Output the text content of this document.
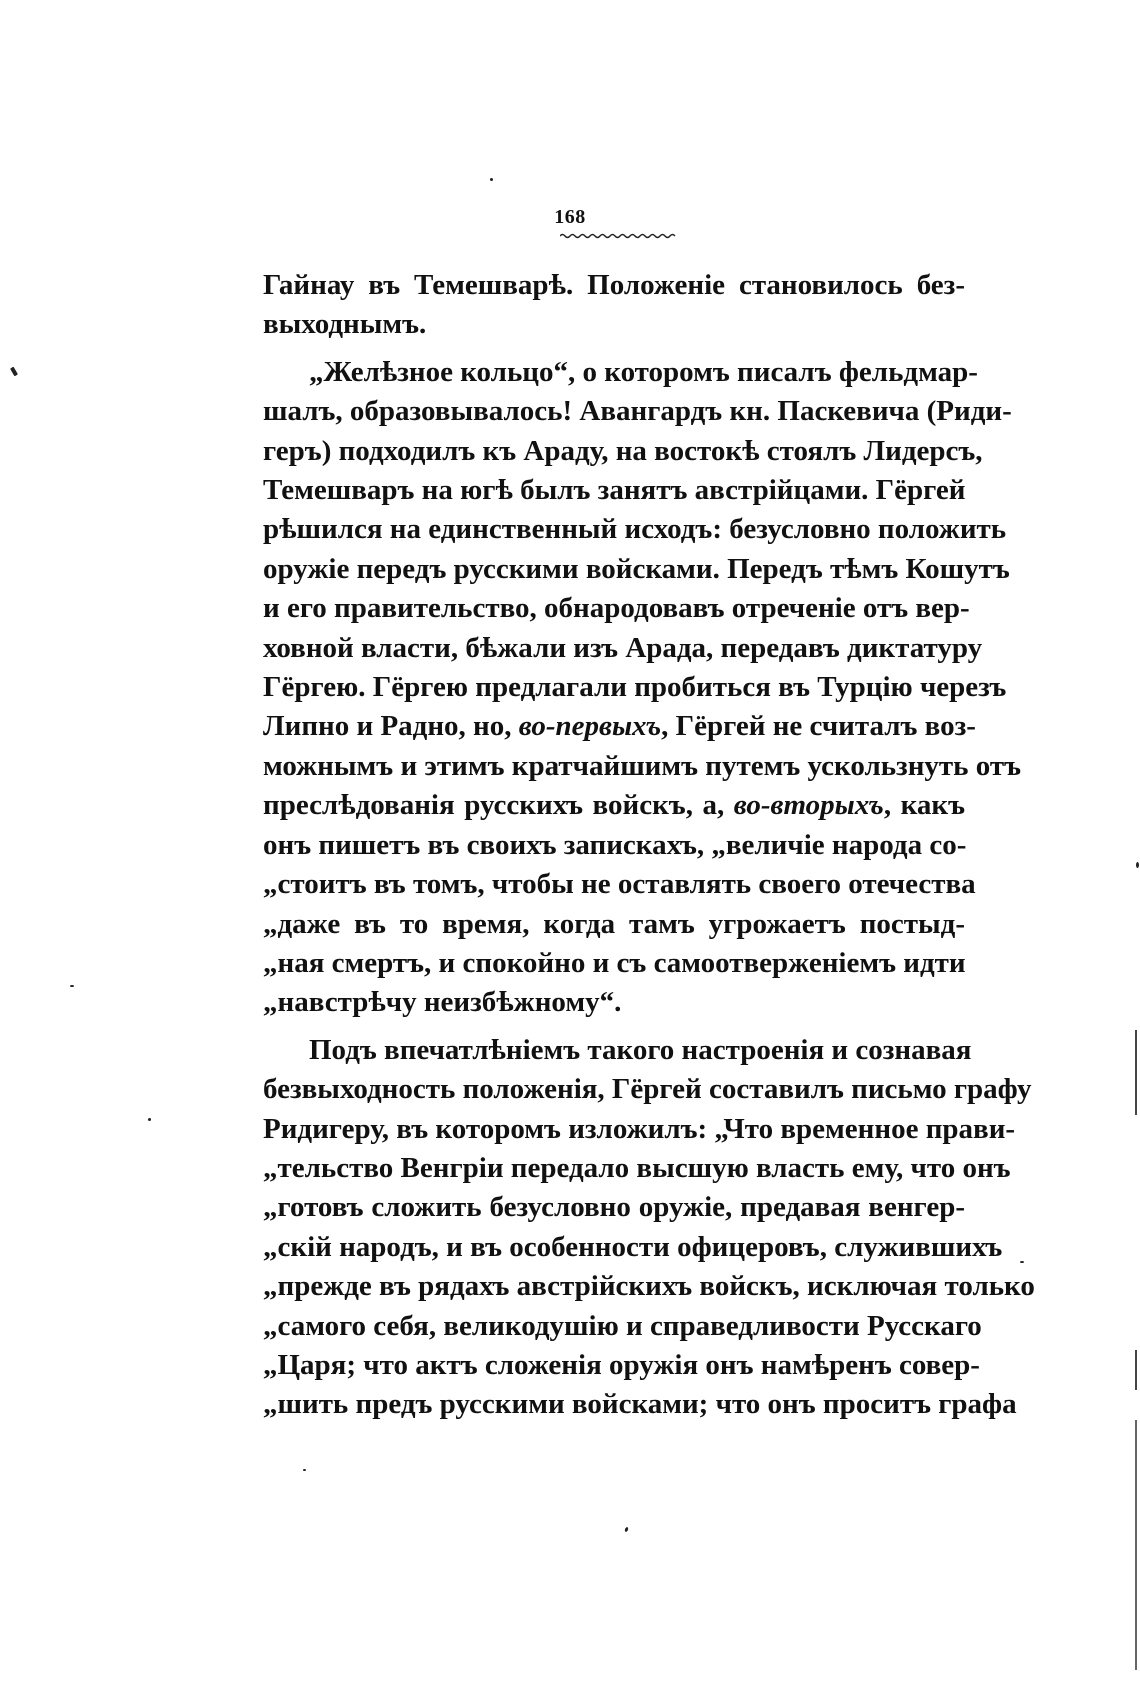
168
Гайнау въ Темешварѣ. Положеніе становилось без-
выходнымъ.
„Желѣзное кольцо“, о которомъ писалъ фельдмар-
шалъ, образовывалось! Авангардъ кн. Паскевича (Риди-
геръ) подходилъ къ Араду, на востокѣ стоялъ Лидерсъ,
Темешваръ на югѣ былъ занятъ австрійцами. Гёргей
рѣшился на единственный исходъ: безусловно положить
оружіе передъ русскими войсками. Передъ тѣмъ Кошутъ
и его правительство, обнародовавъ отреченіе отъ вер-
ховной власти, бѣжали изъ Арада, передавъ диктатуру
Гёргею. Гёргею предлагали пробиться въ Турцію черезъ
Липно и Радно, но, во-первыхъ, Гёргей не считалъ воз-
можнымъ и этимъ кратчайшимъ путемъ ускользнуть отъ
преслѣдованія русскихъ войскъ, а, во-вторыхъ, какъ
онъ пишетъ въ своихъ запискахъ, „величіе народа со-
„стоитъ въ томъ, чтобы не оставлять своего отечества
„даже въ то время, когда тамъ угрожаетъ постыд-
„ная смертъ, и спокойно и съ самоотверженіемъ идти
„навстрѣчу неизбѣжному“.
Подъ впечатлѣніемъ такого настроенія и сознавая
безвыходность положенія, Гёргей составилъ письмо графу
Ридигеру, въ которомъ изложилъ: „Что временное прави-
„тельство Венгріи передало высшую власть ему, что онъ
„готовъ сложить безусловно оружіе, предавая венгер-
„скій народъ, и въ особенности офицеровъ, служившихъ
„прежде въ рядахъ австрійскихъ войскъ, исключая только
„самого себя, великодушію и справедливости Русскаго
„Царя; что актъ сложенія оружія онъ намѣренъ совер-
„шить предъ русскими войсками; что онъ проситъ графа
